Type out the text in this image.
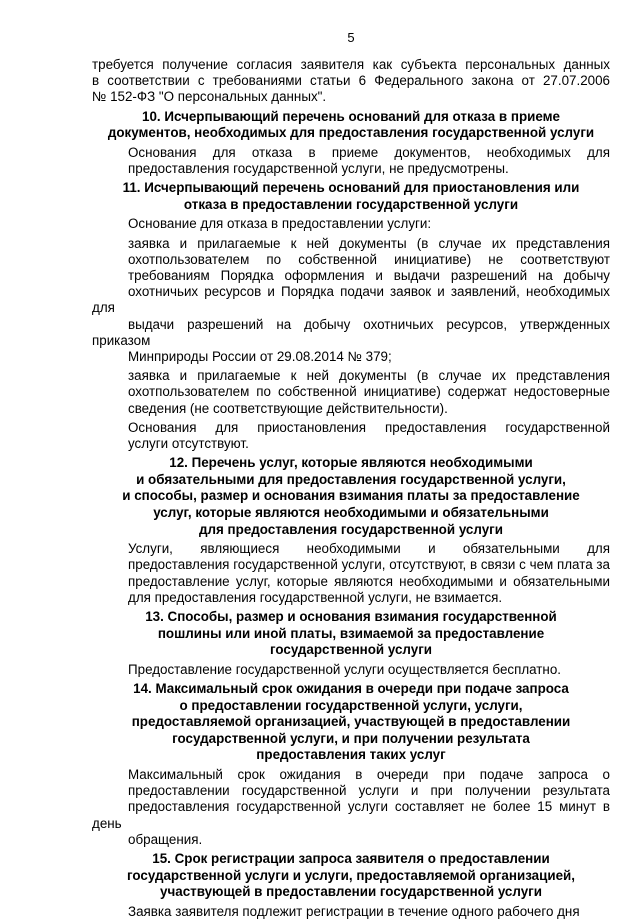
5
требуется получение согласия заявителя как субъекта персональных данных
в соответствии с требованиями статьи 6 Федерального закона от 27.07.2006
№ 152-ФЗ "О персональных данных".
10. Исчерпывающий перечень оснований для отказа в приеме
документов, необходимых для предоставления государственной услуги
Основания для отказа в приеме документов, необходимых для
предоставления государственной услуги, не предусмотрены.
11. Исчерпывающий перечень оснований для приостановления или
отказа в предоставлении государственной услуги
Основание для отказа в предоставлении услуги:
заявка и прилагаемые к ней документы (в случае их представления
охотпользователем по собственной инициативе) не соответствуют
требованиям Порядка оформления и выдачи разрешений на добычу
охотничьих ресурсов и Порядка подачи заявок и заявлений, необходимых для
выдачи разрешений на добычу охотничьих ресурсов, утвержденных приказом
Минприроды России от 29.08.2014 № 379;
заявка и прилагаемые к ней документы (в случае их представления
охотпользователем по собственной инициативе) содержат недостоверные
сведения (не соответствующие действительности).
Основания для приостановления предоставления государственной
услуги отсутствуют.
12. Перечень услуг, которые являются необходимыми
и обязательными для предоставления государственной услуги,
и способы, размер и основания взимания платы за предоставление
услуг, которые являются необходимыми и обязательными
для предоставления государственной услуги
Услуги, являющиеся необходимыми и обязательными для
предоставления государственной услуги, отсутствуют, в связи с чем плата за
предоставление услуг, которые являются необходимыми и обязательными
для предоставления государственной услуги, не взимается.
13. Способы, размер и основания взимания государственной
пошлины или иной платы, взимаемой за предоставление
государственной услуги
Предоставление государственной услуги осуществляется бесплатно.
14. Максимальный срок ожидания в очереди при подаче запроса
о предоставлении государственной услуги, услуги,
предоставляемой организацией, участвующей в предоставлении
государственной услуги, и при получении результата
предоставления таких услуг
Максимальный срок ожидания в очереди при подаче запроса о
предоставлении государственной услуги и при получении результата
предоставления государственной услуги составляет не более 15 минут в день
обращения.
15. Срок регистрации запроса заявителя о предоставлении
государственной услуги и услуги, предоставляемой организацией,
участвующей в предоставлении государственной услуги
Заявка заявителя подлежит регистрации в течение одного рабочего дня
